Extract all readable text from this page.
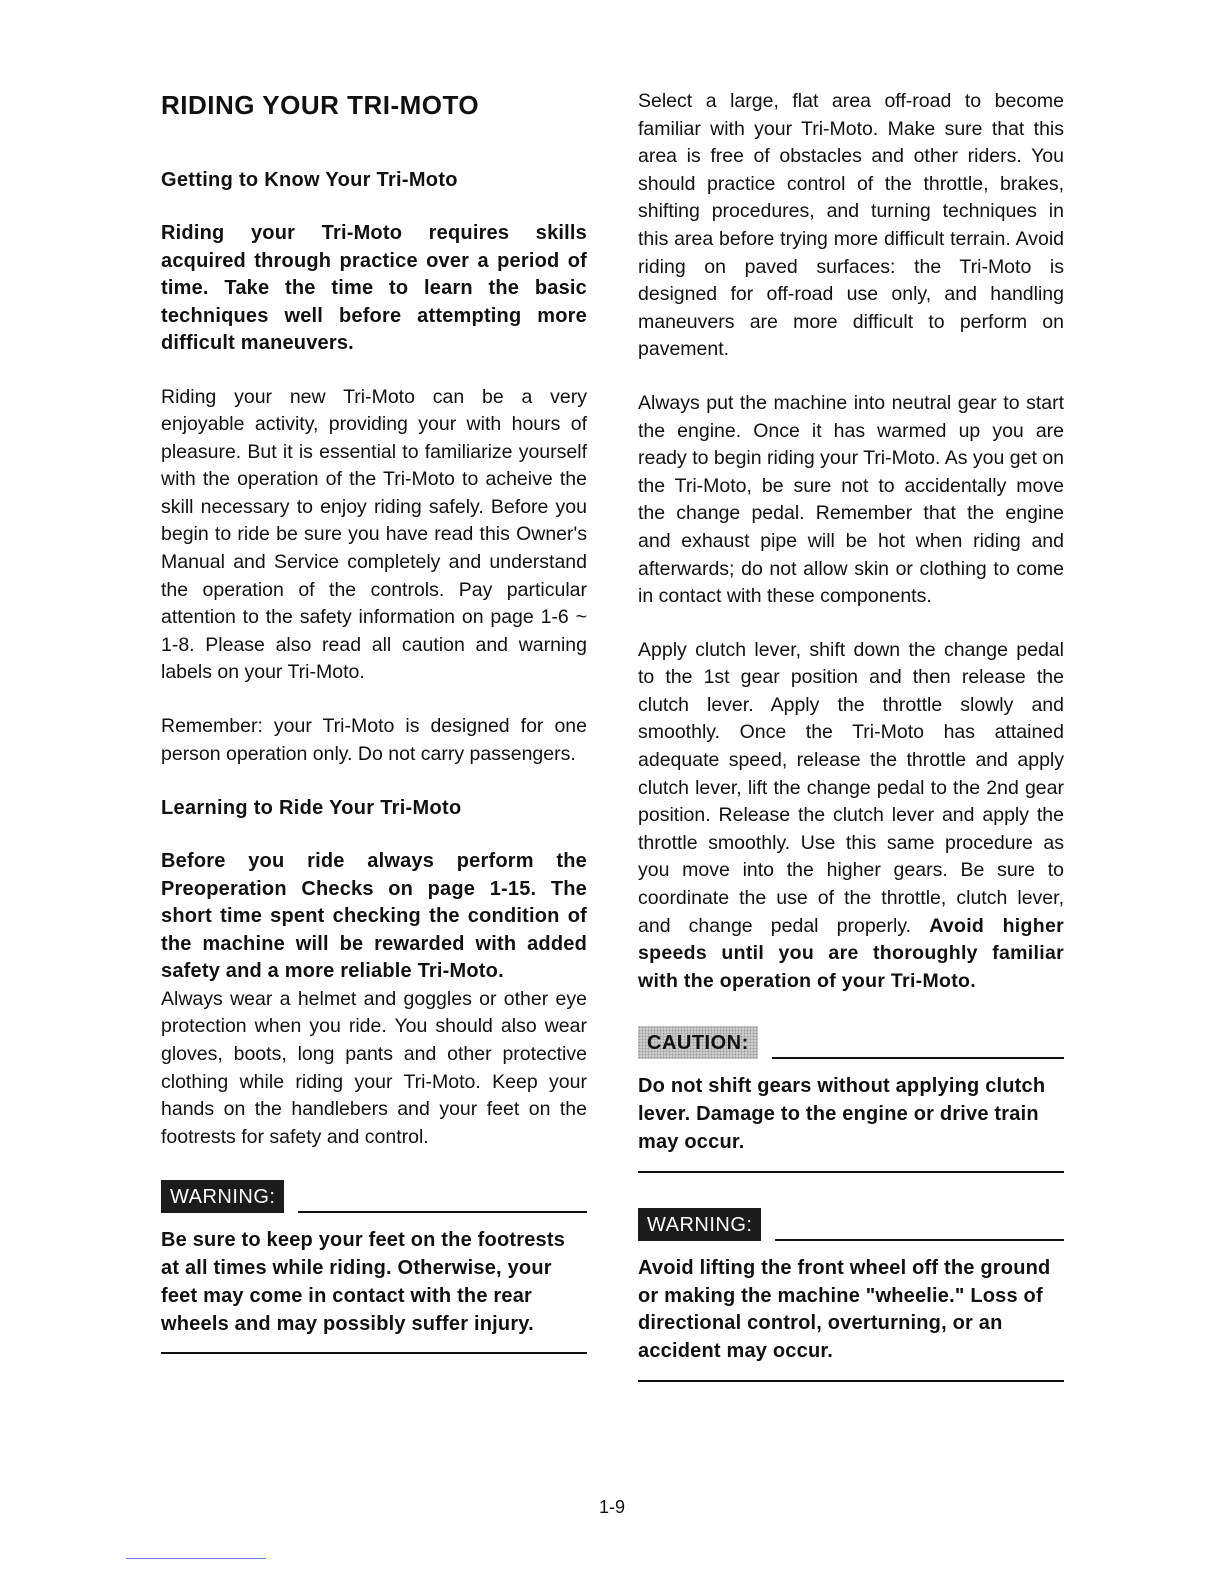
RIDING YOUR TRI-MOTO
Getting to Know Your Tri-Moto

Riding your Tri-Moto requires skills acquired through practice over a period of time. Take the time to learn the basic techniques well before attempting more difficult maneuvers.

Riding your new Tri-Moto can be a very enjoyable activity, providing your with hours of pleasure. But it is essential to familiarize yourself with the operation of the Tri-Moto to acheive the skill necessary to enjoy riding safely. Before you begin to ride be sure you have read this Owner's Manual and Service completely and understand the operation of the controls. Pay particular attention to the safety information on page 1-6 ~ 1-8. Please also read all caution and warning labels on your Tri-Moto.

Remember: your Tri-Moto is designed for one person operation only. Do not carry passengers.

Learning to Ride Your Tri-Moto

Before you ride always perform the Preoperation Checks on page 1-15. The short time spent checking the condition of the machine will be rewarded with added safety and a more reliable Tri-Moto.

Always wear a helmet and goggles or other eye protection when you ride. You should also wear gloves, boots, long pants and other protective clothing while riding your Tri-Moto. Keep your hands on the handlebers and your feet on the footrests for safety and control.

WARNING:

Be sure to keep your feet on the footrests at all times while riding. Otherwise, your feet may come in contact with the rear wheels and may possibly suffer injury.

Select a large, flat area off-road to become familiar with your Tri-Moto. Make sure that this area is free of obstacles and other riders. You should practice control of the throttle, brakes, shifting procedures, and turning techniques in this area before trying more difficult terrain. Avoid riding on paved surfaces: the Tri-Moto is designed for off-road use only, and handling maneuvers are more difficult to perform on pavement.

Always put the machine into neutral gear to start the engine. Once it has warmed up you are ready to begin riding your Tri-Moto. As you get on the Tri-Moto, be sure not to accidentally move the change pedal. Remember that the engine and exhaust pipe will be hot when riding and afterwards; do not allow skin or clothing to come in contact with these components.

Apply clutch lever, shift down the change pedal to the 1st gear position and then release the clutch lever. Apply the throttle slowly and smoothly. Once the Tri-Moto has attained adequate speed, release the throttle and apply clutch lever, lift the change pedal to the 2nd gear position. Release the clutch lever and apply the throttle smoothly. Use this same procedure as you move into the higher gears. Be sure to coordinate the use of the throttle, clutch lever, and change pedal properly. Avoid higher speeds until you are thoroughly familiar with the operation of your Tri-Moto.

CAUTION:

Do not shift gears without applying clutch lever. Damage to the engine or drive train may occur.

WARNING:

Avoid lifting the front wheel off the ground or making the machine "wheelie." Loss of directional control, overturning, or an accident may occur.

1-9
